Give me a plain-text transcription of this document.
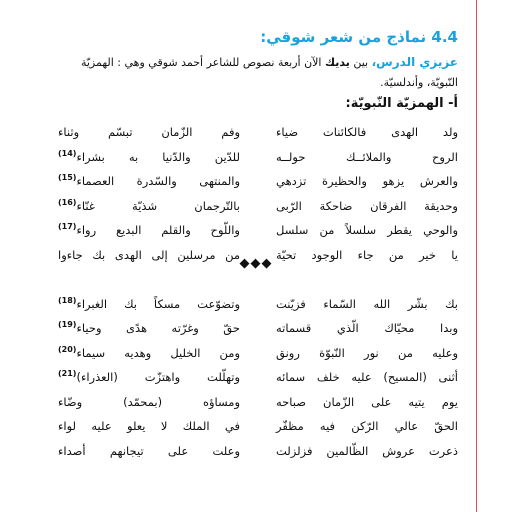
4.4 نماذج من شعر شوقي:
عزيزي الدرس، بين يديك الآن أربعة نصوص للشاعر أحمد شوقي وهي : الهمزيّة النّبويّة، وأندلسيّة.
أ- الهمزيّة النّبويّة:
ولد الهدى فالكائنات ضياء
الروح والملائــك حولــه
والعرش يزهو والحظيرة تزدهي
وحديقة الفرقان ضاحكة الرّبى
والوحي يقطر سلسلاً من سلسل
يا خير من جاء الوجود تحيّة
بك بشّر الله السّماء فزيّنت
وبدا محيّاك الّذي قسماته
وعليه من نور النّبوّة رونق
أثنى (المسيح) عليه خلف سمائه
يوم يتيه على الزّمان صباحه
الحقّ عالي الرّكن فيه مظفّر
ذعرت عروش الظّالمين فزلزلت
وفم الزّمان تبسّم وثناء
للدّين والدّنيا به بشراء$^{(14)}$
والمنتهى والسّدرة العصماء$^{(15)}$
بالتّرجمان شذيّة غنّاء$^{(16)}$
واللّوح والقلم البديع رواء$^{(17)}$
من مرسلين إلى الهدى بك جاءوا
وتضوّعت مسكاً بك الغبراء$^{(18)}$
حقّ وغرّته هدًى وحياء$^{(19)}$
ومن الخليل وهديه سيماء$^{(20)}$
وتهلّلت واهتزّت (العذراء)$^{(21)}$
ومساؤه (بمحمّد) وضّاء
في الملك لا يعلو عليه لواء
وعلت على تيجانهم أصداء
◆◆◆
